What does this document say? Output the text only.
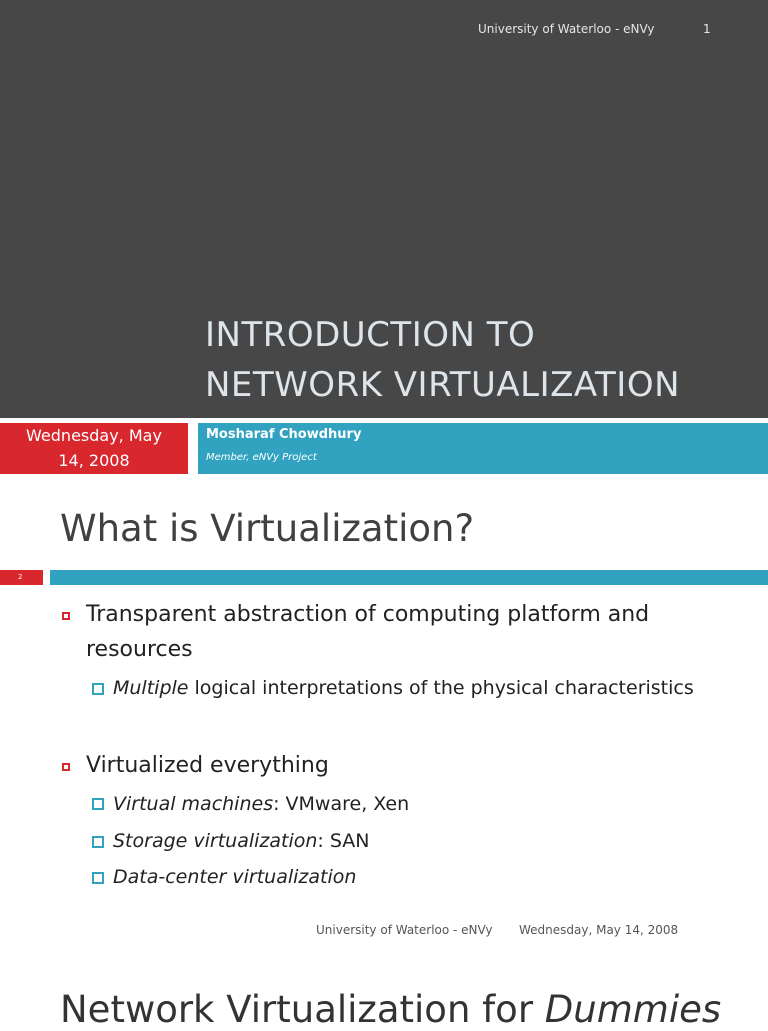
University of Waterloo - eNVy	1
INTRODUCTION TO
NETWORK VIRTUALIZATION
Wednesday, May
14, 2008
Mosharaf Chowdhury
Member, eNVy Project
What is Virtualization?
2
Transparent abstraction of computing platform and
resources
Multiple logical interpretations of the physical characteristics
Virtualized everything
Virtual machines: VMware, Xen
Storage virtualization: SAN
Data-center virtualization
University of Waterloo - eNVy Wednesday, May 14, 2008
Network Virtualization for Dummies
